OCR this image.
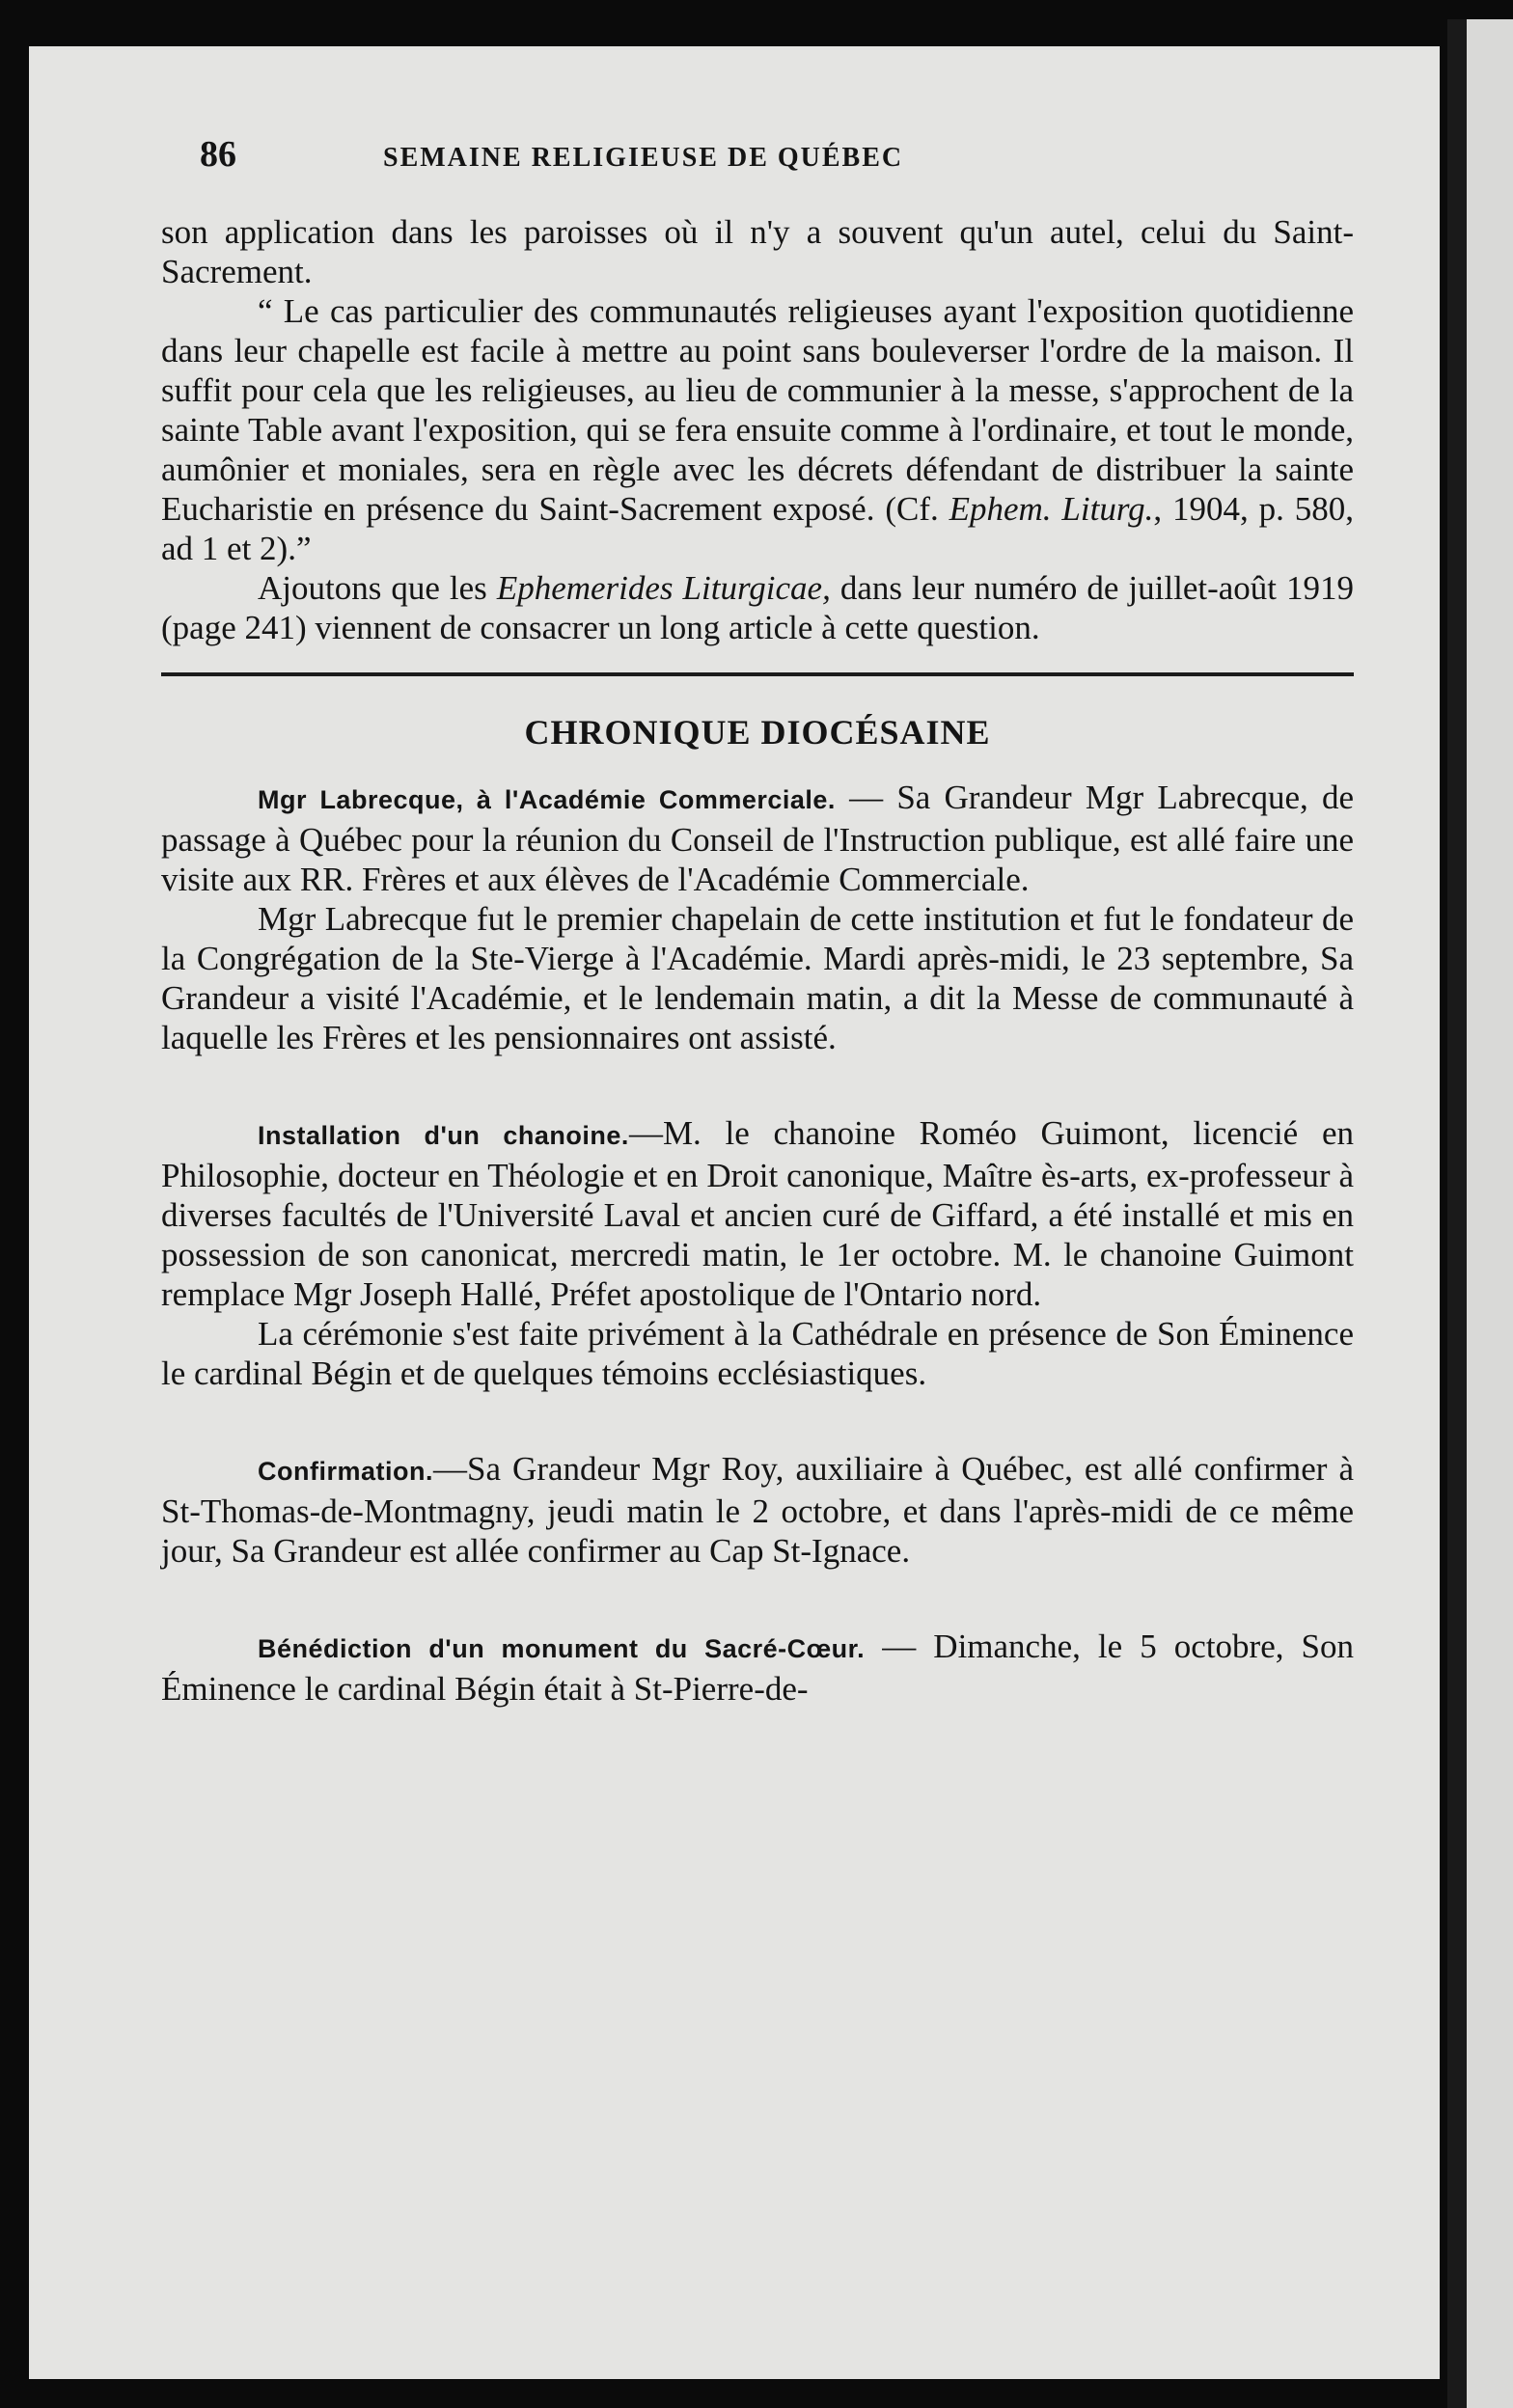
86	SEMAINE RELIGIEUSE DE QUÉBEC

son application dans les paroisses où il n'y a souvent qu'un autel, celui du Saint-Sacrement.

“ Le cas particulier des communautés religieuses ayant l'exposition quotidienne dans leur chapelle est facile à mettre au point sans bouleverser l'ordre de la maison. Il suffit pour cela que les religieuses, au lieu de communier à la messe, s'approchent de la sainte Table avant l'exposition, qui se fera ensuite comme à l'ordinaire, et tout le monde, aumônier et moniales, sera en règle avec les décrets défendant de distribuer la sainte Eucharistie en présence du Saint-Sacrement exposé. (Cf. Ephem. Liturg., 1904, p. 580, ad 1 et 2).”

Ajoutons que les Ephemerides Liturgicae, dans leur numéro de juillet-août 1919 (page 241) viennent de consacrer un long article à cette question.

CHRONIQUE DIOCÉSAINE

Mgr Labrecque, à l'Académie Commerciale. — Sa Grandeur Mgr Labrecque, de passage à Québec pour la réunion du Conseil de l'Instruction publique, est allé faire une visite aux RR. Frères et aux élèves de l'Académie Commerciale.

Mgr Labrecque fut le premier chapelain de cette institution et fut le fondateur de la Congrégation de la Ste-Vierge à l'Académie. Mardi après-midi, le 23 septembre, Sa Grandeur a visité l'Académie, et le lendemain matin, a dit la Messe de communauté à laquelle les Frères et les pensionnaires ont assisté.

Installation d'un chanoine.—M. le chanoine Roméo Guimont, licencié en Philosophie, docteur en Théologie et en Droit canonique, Maître ès-arts, ex-professeur à diverses facultés de l'Université Laval et ancien curé de Giffard, a été installé et mis en possession de son canonicat, mercredi matin, le 1er octobre. M. le chanoine Guimont remplace Mgr Joseph Hallé, Préfet apostolique de l'Ontario nord.

La cérémonie s'est faite privément à la Cathédrale en présence de Son Éminence le cardinal Bégin et de quelques témoins ecclésiastiques.

Confirmation.—Sa Grandeur Mgr Roy, auxiliaire à Québec, est allé confirmer à St-Thomas-de-Montmagny, jeudi matin le 2 octobre, et dans l'après-midi de ce même jour, Sa Grandeur est allée confirmer au Cap St-Ignace.

Bénédiction d'un monument du Sacré-Cœur. — Dimanche, le 5 octobre, Son Éminence le cardinal Bégin était à St-Pierre-de-
